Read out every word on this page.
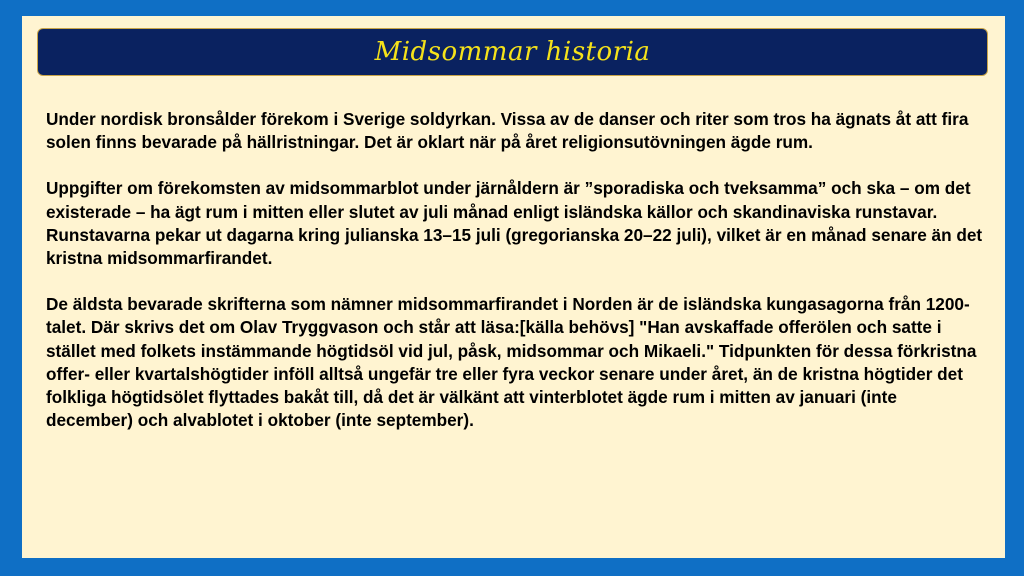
Midsommar historia

Under nordisk bronsålder förekom i Sverige soldyrkan. Vissa av de danser och riter som tros ha ägnats åt att fira solen finns bevarade på hällristningar. Det är oklart när på året religionsutövningen ägde rum.

Uppgifter om förekomsten av midsommarblot under järnåldern är ”sporadiska och tveksamma” och ska – om det existerade – ha ägt rum i mitten eller slutet av juli månad enligt isländska källor och skandinaviska runstavar. Runstavarna pekar ut dagarna kring julianska 13–15 juli (gregorianska 20–22 juli), vilket är en månad senare än det kristna midsommarfirandet.

De äldsta bevarade skrifterna som nämner midsommarfirandet i Norden är de isländska kungasagorna från 1200-talet. Där skrivs det om Olav Tryggvason och står att läsa:[källa behövs] "Han avskaffade offerölen och satte i stället med folkets instämmande högtidsöl vid jul, påsk, midsommar och Mikaeli." Tidpunkten för dessa förkristna offer- eller kvartalshögtider inföll alltså ungefär tre eller fyra veckor senare under året, än de kristna högtider det folkliga högtidsölet flyttades bakåt till, då det är välkänt att vinterblotet ägde rum i mitten av januari (inte december) och alvablotet i oktober (inte september).
